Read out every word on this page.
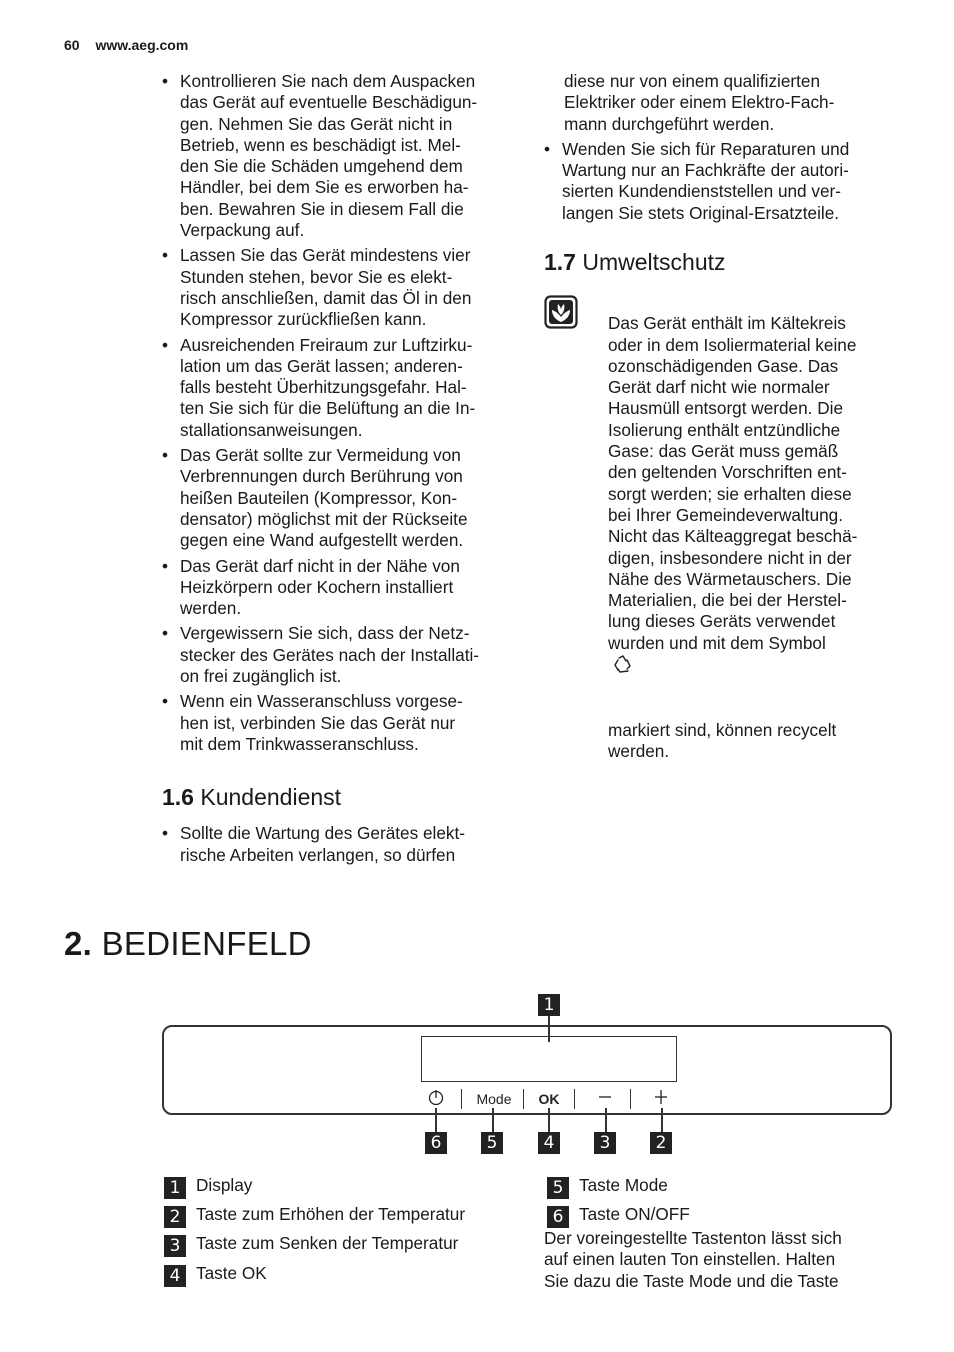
60 www.aeg.com
• Kontrollieren Sie nach dem Auspacken
das Gerät auf eventuelle Beschädigun-
gen. Nehmen Sie das Gerät nicht in
Betrieb, wenn es beschädigt ist. Mel-
den Sie die Schäden umgehend dem
Händler, bei dem Sie es erworben ha-
ben. Bewahren Sie in diesem Fall die
Verpackung auf.
• Lassen Sie das Gerät mindestens vier
Stunden stehen, bevor Sie es elekt-
risch anschließen, damit das Öl in den
Kompressor zurückfließen kann.
• Ausreichenden Freiraum zur Luftzirku-
lation um das Gerät lassen; anderen-
falls besteht Überhitzungsgefahr. Hal-
ten Sie sich für die Belüftung an die In-
stallationsanweisungen.
• Das Gerät sollte zur Vermeidung von
Verbrennungen durch Berührung von
heißen Bauteilen (Kompressor, Kon-
densator) möglichst mit der Rückseite
gegen eine Wand aufgestellt werden.
• Das Gerät darf nicht in der Nähe von
Heizkörpern oder Kochern installiert
werden.
• Vergewissern Sie sich, dass der Netz-
stecker des Gerätes nach der Installati-
on frei zugänglich ist.
• Wenn ein Wasseranschluss vorgese-
hen ist, verbinden Sie das Gerät nur
mit dem Trinkwasseranschluss.
1.6 Kundendienst
• Sollte die Wartung des Gerätes elekt-
rische Arbeiten verlangen, so dürfen
diese nur von einem qualifizierten
Elektriker oder einem Elektro-Fach-
mann durchgeführt werden.
• Wenden Sie sich für Reparaturen und
Wartung nur an Fachkräfte der autori-
sierten Kundendienststellen und ver-
langen Sie stets Original-Ersatzteile.
1.7 Umweltschutz

Das Gerät enthält im Kältekreis
oder in dem Isoliermaterial keine
ozonschädigenden Gase. Das
Gerät darf nicht wie normaler
Hausmüll entsorgt werden. Die
Isolierung enthält entzündliche
Gase: das Gerät muss gemäß
den geltenden Vorschriften ent-
sorgt werden; sie erhalten diese
bei Ihrer Gemeindeverwaltung.
Nicht das Kälteaggregat beschä-
digen, insbesondere nicht in der
Nähe des Wärmetauschers. Die
Materialien, die bei der Herstel-
lung dieses Geräts verwendet
wurden und mit dem Symbol

markiert sind, können recycelt
werden.

2. BEDIENFELD
1
Mode	OK
6	5	4	3	2
1 Display
2 Taste zum Erhöhen der Temperatur
3 Taste zum Senken der Temperatur
4 Taste OK
5 Taste Mode
6 Taste ON/OFF
Der voreingestellte Tastenton lässt sich
auf einen lauten Ton einstellen. Halten
Sie dazu die Taste Mode und die Taste
